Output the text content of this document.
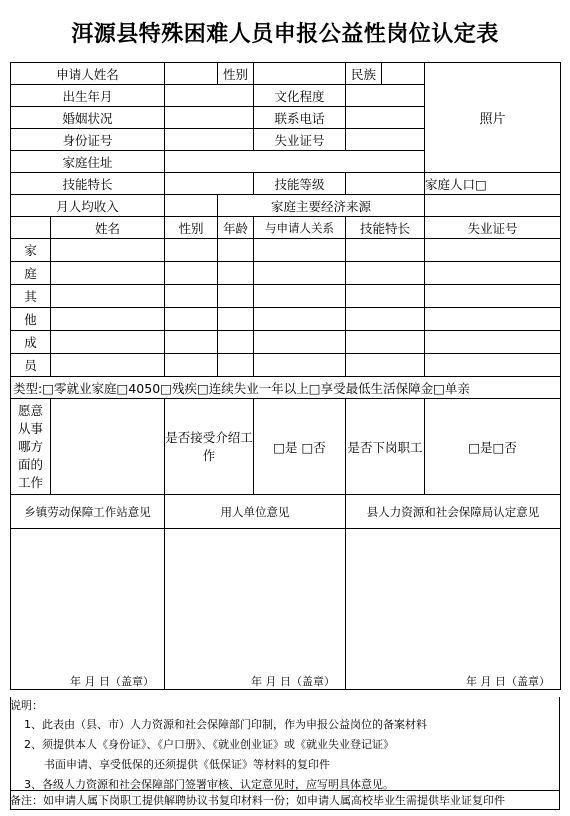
洱源县特殊困难人员申报公益性岗位认定表
申请人姓名			性别		民族		照片
出生年月				文化程度			
婚姻状况				联系电话			
身份证号				失业证号			
家庭住址							
技能特长				技能等级			家庭人口□
月人均收入			家庭主要经济来源				
	姓名	性别	年龄	与申请人关系	技能特长		失业证号
家							
庭							
其							
他							
成							
员							
类型:□零就业家庭□4050□残疾□连续失业一年以上□享受最低生活保障金□单亲							
愿意从事哪方面的工作		是否接受介绍工作		□是 □否	是否下岗职工		□是□否
乡镇劳动保障工作站意见		用人单位意见			县人力资源和社会保障局认定意见		

年 月 日（盖章）		年 月 日（盖章）			年 月 日（盖章）		
说明：
1、此表由（县、市）人力资源和社会保障部门印制，作为申报公益岗位的备案材料
2、须提供本人《身份证》、《户口册》、《就业创业证》或《就业失业登记证》
书面申请、享受低保的还须提供《低保证》等材料的复印件
3、各级人力资源和社会保障部门签署审核、认定意见时，应写明具体意见。
备注：如申请人属下岗职工提供解聘协议书复印材料一份；如申请人属高校毕业生需提供毕业证复印件
